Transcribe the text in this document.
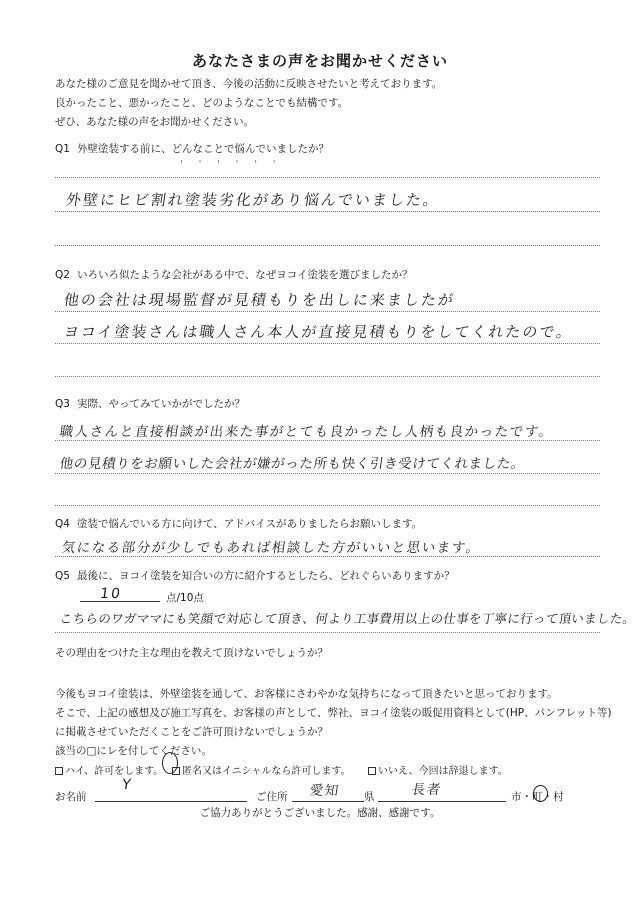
あなたさまの声をお聞かせください
あなた様のご意見を聞かせて頂き、今後の活動に反映させたいと考えております。
良かったこと、悪かったこと、どのようなことでも結構です。
ぜひ、あなた様の声をお聞かせください。
Q1 外壁塗装する前に、どんなことで悩んでいましたか？
' ' ' ' ' '
外壁にヒビ割れ塗装劣化があり悩んでいました。
Q2 いろいろ似たような会社がある中で、なぜヨコイ塗装を選びましたか？
他の会社は現場監督が見積もりを出しに来ましたが
ヨコイ塗装さんは職人さん本人が直接見積もりをしてくれたので。
Q3 実際、やってみていかがでしたか？
職人さんと直接相談が出来た事がとても良かったし人柄も良かったです。
他の見積りをお願いした会社が嫌がった所も快く引き受けてくれました。
Q4 塗装で悩んでいる方に向けて、アドバイスがありましたらお願いします。
気になる部分が少しでもあれば相談した方がいいと思います。
Q5 最後に、ヨコイ塗装を知合いの方に紹介するとしたら、どれぐらいありますか？
10	点/10点
こちらのワガママにも笑顔で対応して頂き、何より工事費用以上の仕事を丁寧に行って頂いました。
その理由をつけた主な理由を教えて頂けないでしょうか？
今後もヨコイ塗装は、外壁塗装を通して、お客様にさわやかな気持ちになって頂きたいと思っております。
そこで、上記の感想及び施工写真を、お客様の声として、弊社、ヨコイ塗装の販促用資料として(HP、パンフレット等)
に掲載させていただくことをご許可頂けないでしょうか？
該当の□にレを付してください。
ハイ、許可をします。	匿名又はイニシャルなら許可します。	いいえ、今回は辞退します。
お名前
Y
ご住所 愛知 県	長者	市・町・村
ご協力ありがとうございました。感謝、感謝です。
